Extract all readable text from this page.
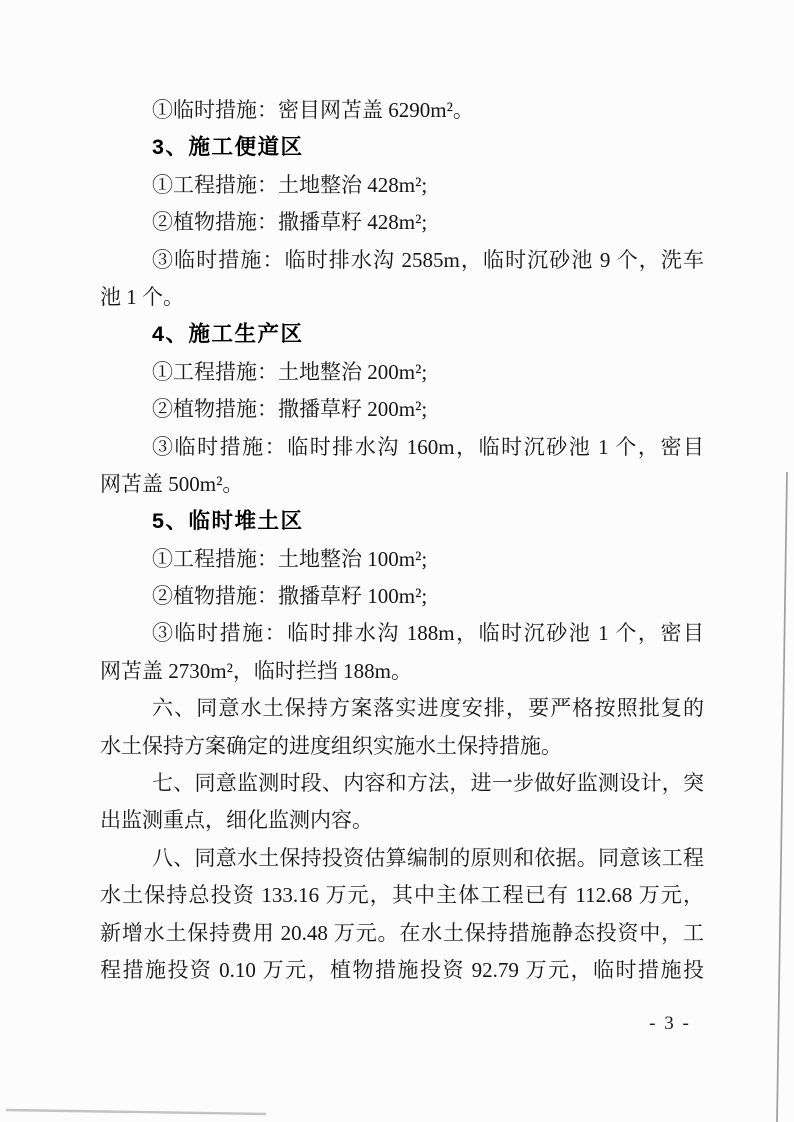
①临时措施：密目网苫盖 6290m²。
3、施工便道区
①工程措施：土地整治 428m²;
②植物措施：撒播草籽 428m²;
③临时措施：临时排水沟 2585m，临时沉砂池 9 个，洗车
池 1 个。
4、施工生产区
①工程措施：土地整治 200m²;
②植物措施：撒播草籽 200m²;
③临时措施：临时排水沟 160m，临时沉砂池 1 个，密目
网苫盖 500m²。
5、临时堆土区
①工程措施：土地整治 100m²;
②植物措施：撒播草籽 100m²;
③临时措施：临时排水沟 188m，临时沉砂池 1 个，密目
网苫盖 2730m²，临时拦挡 188m。
六、同意水土保持方案落实进度安排，要严格按照批复的
水土保持方案确定的进度组织实施水土保持措施。
七、同意监测时段、内容和方法，进一步做好监测设计，突
出监测重点，细化监测内容。
八、同意水土保持投资估算编制的原则和依据。同意该工程
水土保持总投资 133.16 万元，其中主体工程已有 112.68 万元，
新增水土保持费用 20.48 万元。在水土保持措施静态投资中，工
程措施投资 0.10 万元，植物措施投资 92.79 万元，临时措施投
- 3 -
